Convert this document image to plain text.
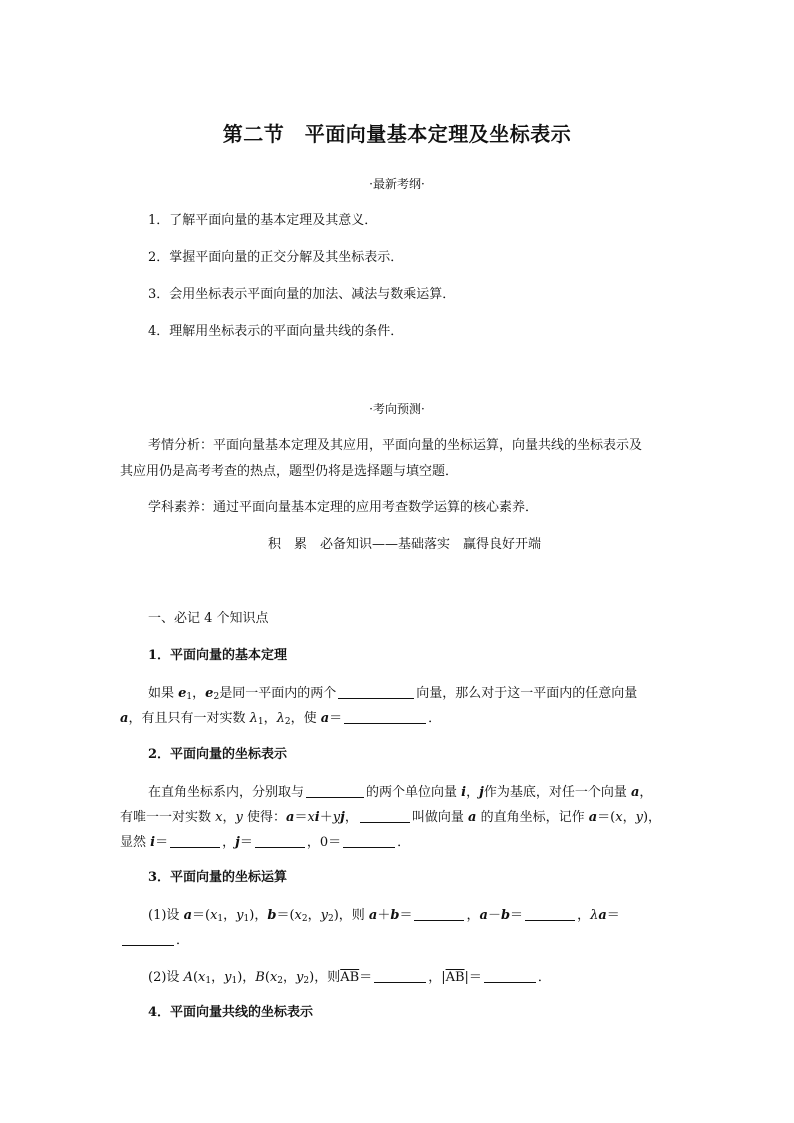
第二节　平面向量基本定理及坐标表示
·最新考纲·
1．了解平面向量的基本定理及其意义．
2．掌握平面向量的正交分解及其坐标表示．
3．会用坐标表示平面向量的加法、减法与数乘运算．
4．理解用坐标表示的平面向量共线的条件．
·考向预测·
考情分析：平面向量基本定理及其应用，平面向量的坐标运算，向量共线的坐标表示及
其应用仍是高考考查的热点，题型仍将是选择题与填空题．
学科素养：通过平面向量基本定理的应用考查数学运算的核心素养．
积　累　必备知识——基础落实　赢得良好开端
一、必记 4 个知识点
1．平面向量的基本定理
如果 $e_1$，$e_2$是同一平面内的两个	向量，那么对于这一平面内的任意向量
a，有且只有一对实数 $\lambda_1$，$\lambda_2$，使 a＝	．
2．平面向量的坐标表示
在直角坐标系内，分别取与	的两个单位向量 i，j作为基底，对任一个向量 a，
有唯一一对实数 x，y 使得：a＝xi＋yj，	叫做向量 a 的直角坐标，记作 a＝(x，y)，
显然 i＝	，j＝	，0＝	．
3．平面向量的坐标运算
(1)设 $a=(x_1$，$y_1$)，$b=(x_2$，$y_2$)，则 a＋b＝	，a－b＝	，λa＝
．
(2)设 $A(x_1$，$y_1$)，$B(x_2$，$y_2$)，则$\overline{AB}=$	，$|\overline{AB}|=$	．
4．平面向量共线的坐标表示
